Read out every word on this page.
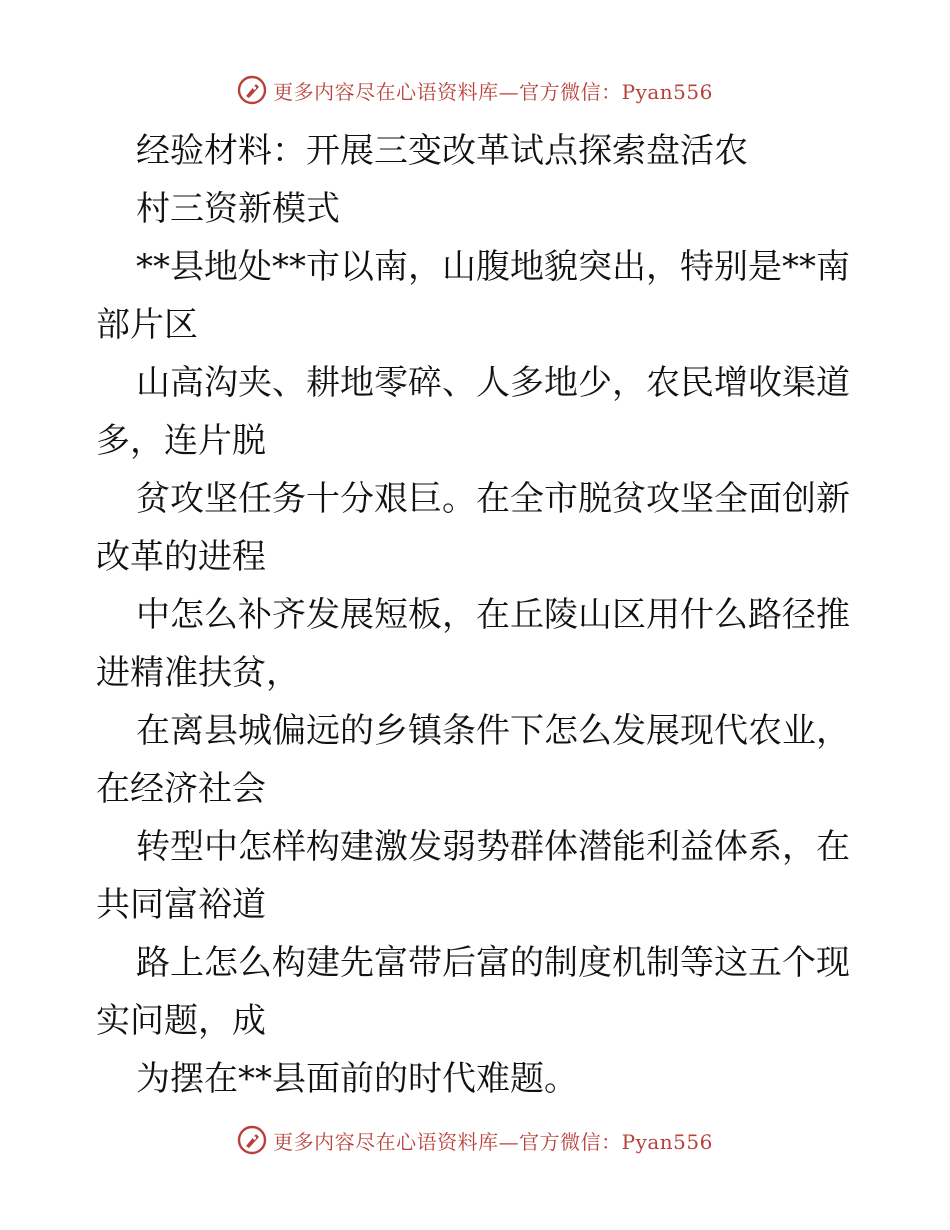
更多内容尽在心语资料库—官方微信：Pyan556
经验材料：开展三变改革试点探索盘活农
村三资新模式
**县地处**市以南，山腹地貌突出，特别是**南
部片区
山高沟夹、耕地零碎、人多地少，农民增收渠道
多，连片脱
贫攻坚任务十分艰巨。在全市脱贫攻坚全面创新
改革的进程
中怎么补齐发展短板，在丘陵山区用什么路径推
进精准扶贫，
在离县城偏远的乡镇条件下怎么发展现代农业，
在经济社会
转型中怎样构建激发弱势群体潜能利益体系，在
共同富裕道
路上怎么构建先富带后富的制度机制等这五个现
实问题，成
为摆在**县面前的时代难题。
更多内容尽在心语资料库—官方微信：Pyan556
